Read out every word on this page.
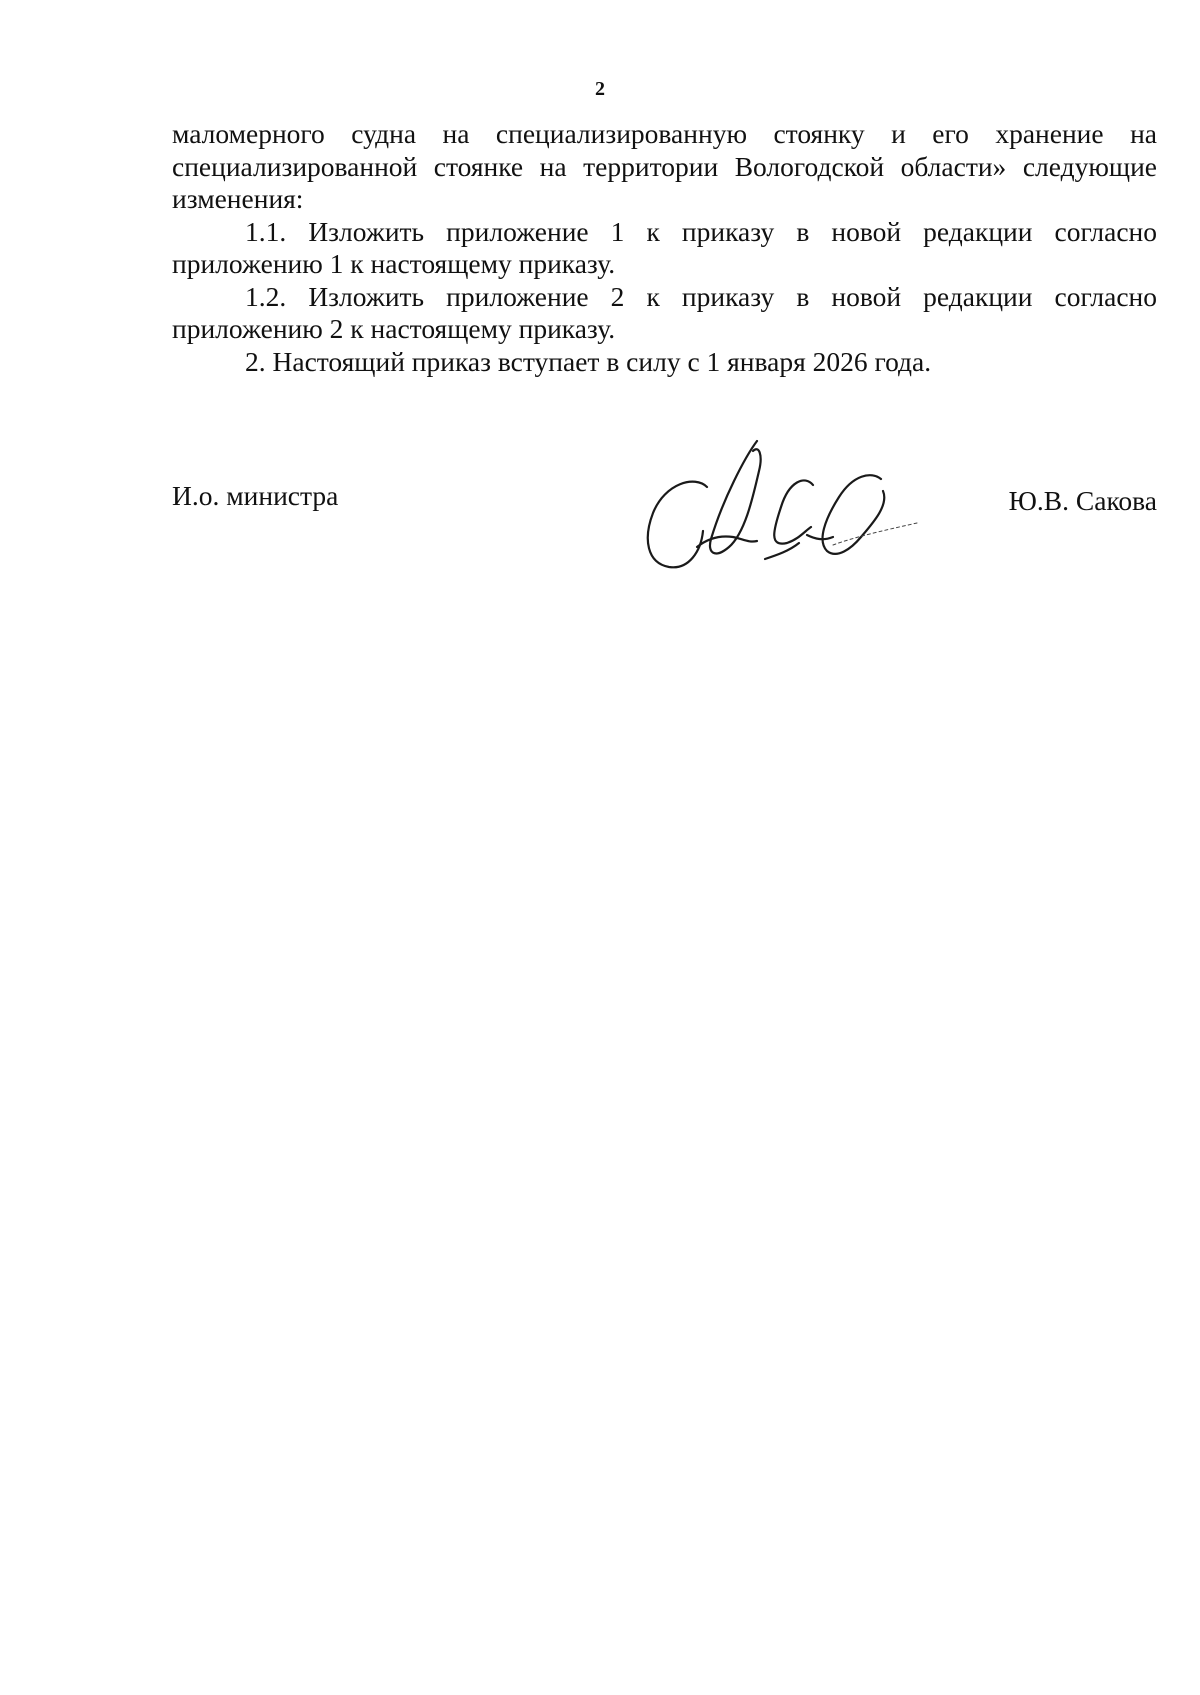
2

маломерного судна на специализированную стоянку и его хранение на специализированной стоянке на территории Вологодской области» следующие изменения:

1.1. Изложить приложение 1 к приказу в новой редакции согласно приложению 1 к настоящему приказу.

1.2. Изложить приложение 2 к приказу в новой редакции согласно приложению 2 к настоящему приказу.

2. Настоящий приказ вступает в силу с 1 января 2026 года.

И.о. министра	Ю.В. Сакова
